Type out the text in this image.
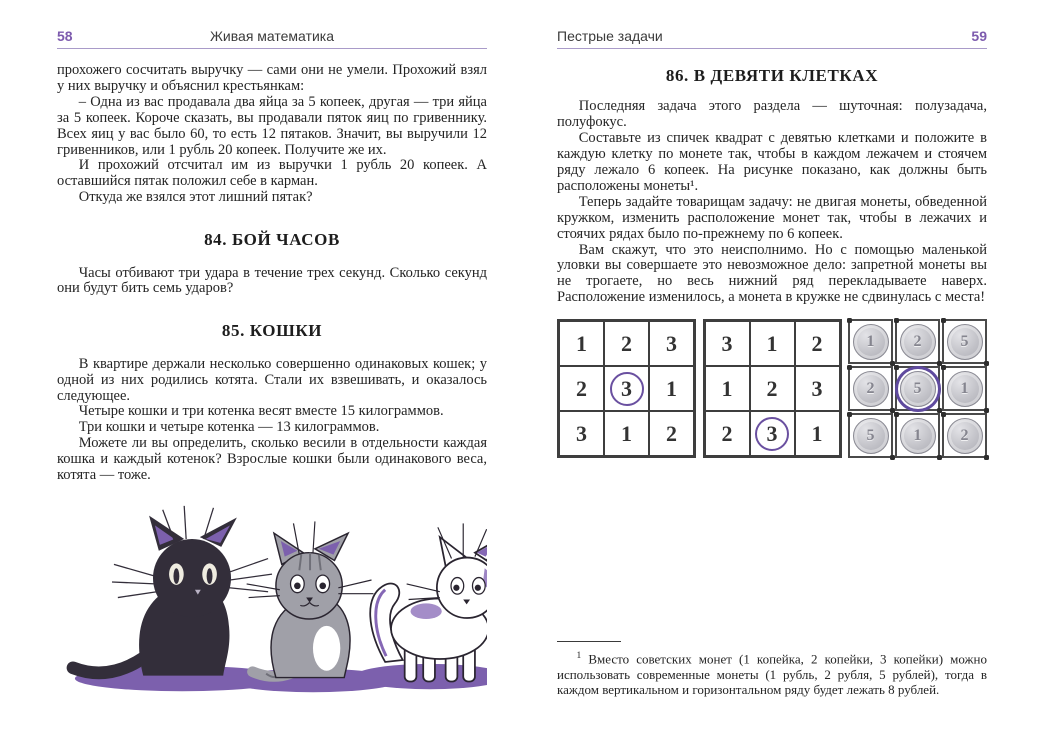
58	Живая математика

прохожего сосчитать выручку — сами они не умели. Прохожий взял у них выручку и объяснил крестьянкам:

– Одна из вас продавала два яйца за 5 копеек, другая — три яйца за 5 копеек. Короче сказать, вы продавали пяток яиц по гривеннику. Всех яиц у вас было 60, то есть 12 пятаков. Значит, вы выручили 12 гривенников, или 1 рубль 20 копеек. Получите же их.

И прохожий отсчитал им из выручки 1 рубль 20 копеек. А оставшийся пятак положил себе в карман.

Откуда же взялся этот лишний пятак?

84. БОЙ ЧАСОВ

Часы отбивают три удара в течение трех секунд. Сколько секунд они будут бить семь ударов?

85. КОШКИ

В квартире держали несколько совершенно одинаковых кошек; у одной из них родились котята. Стали их взвешивать, и оказалось следующее.

Четыре кошки и три котенка весят вместе 15 килограммов.

Три кошки и четыре котенка — 13 килограммов.

Можете ли вы определить, сколько весили в отдельности каждая кошка и каждый котенок? Взрослые кошки были одинакового веса, котята — тоже.

Пестрые задачи	59
86. В ДЕВЯТИ КЛЕТКАХ

Последняя задача этого раздела — шуточная: полузадача, полуфокус.

Составьте из спичек квадрат с девятью клетками и положите в каждую клетку по монете так, чтобы в каждом лежачем и стоячем ряду лежало 6 копеек. На рисунке показано, как должны быть расположены монеты¹.

Теперь задайте товарищам задачу: не двигая монеты, обведенной кружком, изменить расположение монет так, чтобы в лежачих и стоячих рядах было по-прежнему по 6 копеек.

Вам скажут, что это неисполнимо. Но с помощью маленькой уловки вы совершаете это невозможное дело: запретной монеты вы не трогаете, но весь нижний ряд перекладываете наверх. Расположение изменилось, а монета в кружке не сдвинулась с места!

1 2 3
2	3	1
3 1 2
3 1 2
1 2 3
2	3	1
1 2 5
2 5 1
5 1 2

$^1$ Вместо советских монет (1 копейка, 2 копейки, 3 копейки) можно использовать современные монеты (1 рубль, 2 рубля, 5 рублей), тогда в каждом вертикальном и горизонтальном ряду будет лежать 8 рублей.
